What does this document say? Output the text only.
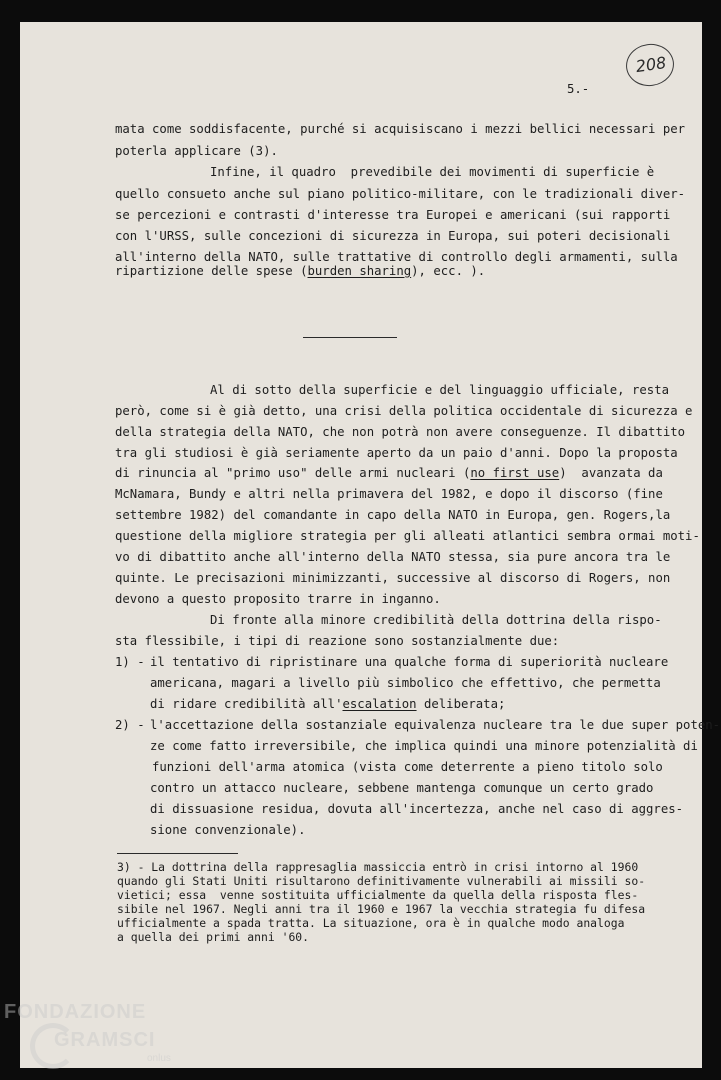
208

5.-

mata come soddisfacente, purché si acquisiscano i mezzi bellici necessari per

poterla applicare (3).

Infine, il quadro  prevedibile dei movimenti di superficie è

quello consueto anche sul piano politico-militare, con le tradizionali diver-

se percezioni e contrasti d'interesse tra Europei e americani (sui rapporti

con l'URSS, sulle concezioni di sicurezza in Europa, sui poteri decisionali

all'interno della NATO, sulle trattative di controllo degli armamenti, sulla

ripartizione delle spese (burden sharing), ecc. ).

Al di sotto della superficie e del linguaggio ufficiale, resta

però, come si è già detto, una crisi della politica occidentale di sicurezza e

della strategia della NATO, che non potrà non avere conseguenze. Il dibattito

tra gli studiosi è già seriamente aperto da un paio d'anni. Dopo la proposta

di rinuncia al "primo uso" delle armi nucleari (no first use)  avanzata da

McNamara, Bundy e altri nella primavera del 1982, e dopo il discorso (fine

settembre 1982) del comandante in capo della NATO in Europa, gen. Rogers,la

questione della migliore strategia per gli alleati atlantici sembra ormai moti-

vo di dibattito anche all'interno della NATO stessa, sia pure ancora tra le

quinte. Le precisazioni minimizzanti, successive al discorso di Rogers, non

devono a questo proposito trarre in inganno.

Di fronte alla minore credibilità della dottrina della rispo-

sta flessibile, i tipi di reazione sono sostanzialmente due:

1) - il tentativo di ripristinare una qualche forma di superiorità nucleare

americana, magari a livello più simbolico che effettivo, che permetta

di ridare credibilità all'escalation deliberata;

2) - l'accettazione della sostanziale equivalenza nucleare tra le due super poten-

ze come fatto irreversibile, che implica quindi una minore potenzialità di

funzioni dell'arma atomica (vista come deterrente a pieno titolo solo

contro un attacco nucleare, sebbene mantenga comunque un certo grado

di dissuasione residua, dovuta all'incertezza, anche nel caso di aggres-

sione convenzionale).

3) - La dottrina della rappresaglia massiccia entrò in crisi intorno al 1960

quando gli Stati Uniti risultarono definitivamente vulnerabili ai missili so-

vietici; essa  venne sostituita ufficialmente da quella della risposta fles-

sibile nel 1967. Negli anni tra il 1960 e 1967 la vecchia strategia fu difesa

ufficialmente a spada tratta. La situazione, ora è in qualche modo analoga

a quella dei primi anni '60.

FONDAZIONE
GRAMSCI
onlus
